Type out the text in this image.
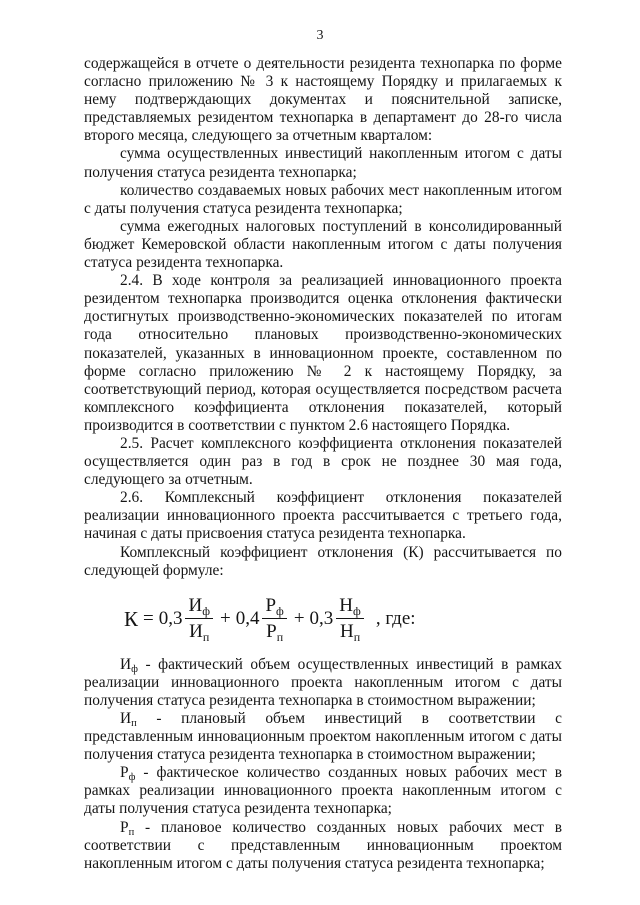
3

содержащейся в отчете о деятельности резидента технопарка по форме согласно приложению № 3 к настоящему Порядку и прилагаемых к нему подтверждающих документах и пояснительной записке, представляемых резидентом технопарка в департамент до 28-го числа второго месяца, следующего за отчетным кварталом:

сумма осуществленных инвестиций накопленным итогом с даты получения статуса резидента технопарка;

количество создаваемых новых рабочих мест накопленным итогом с даты получения статуса резидента технопарка;

сумма ежегодных налоговых поступлений в консолидированный бюджет Кемеровской области накопленным итогом с даты получения статуса резидента технопарка.

2.4. В ходе контроля за реализацией инновационного проекта резидентом технопарка производится оценка отклонения фактически достигнутых производственно-экономических показателей по итогам года относительно плановых производственно-экономических показателей, указанных в инновационном проекте, составленном по форме согласно приложению № 2 к настоящему Порядку, за соответствующий период, которая осуществляется посредством расчета комплексного коэффициента отклонения показателей, который производится в соответствии с пунктом 2.6 настоящего Порядка.

2.5. Расчет комплексного коэффициента отклонения показателей осуществляется один раз в год в срок не позднее 30 мая года, следующего за отчетным.

2.6. Комплексный коэффициент отклонения показателей реализации инновационного проекта рассчитывается с третьего года, начиная с даты присвоения статуса резидента технопарка.

Комплексный коэффициент отклонения (К) рассчитывается по следующей формуле:

$К = 0,3 \frac{И_ф}{И_п} + 0,4 \frac{Р_ф}{Р_п} + 0,3 \frac{Н_ф}{Н_п}$ , где:

$И_ф$ - фактический объем осуществленных инвестиций в рамках реализации инновационного проекта накопленным итогом с даты получения статуса резидента технопарка в стоимостном выражении;

$И_п$ - плановый объем инвестиций в соответствии с представленным инновационным проектом накопленным итогом с даты получения статуса резидента технопарка в стоимостном выражении;

$Р_ф$ - фактическое количество созданных новых рабочих мест в рамках реализации инновационного проекта накопленным итогом с даты получения статуса резидента технопарка;

$Р_п$ - плановое количество созданных новых рабочих мест в соответствии с представленным инновационным проектом накопленным итогом с даты получения статуса резидента технопарка;
